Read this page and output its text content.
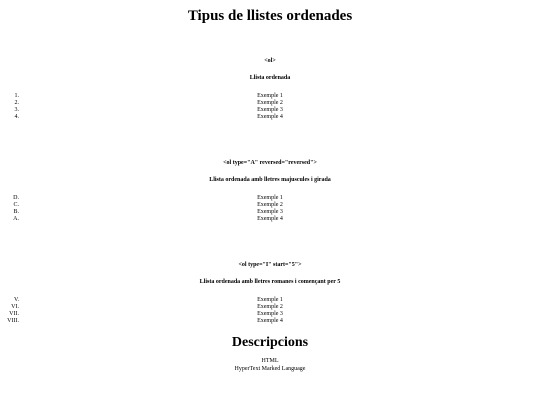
Tipus de llistes ordenades
<ol>
Llista ordenada
1.	Exemple 1
2.	Exemple 2
3.	Exemple 3
4.	Exemple 4
<ol type="A" reversed="reversed">
Llista ordenada amb lletres majuscules i girada
D.	Exemple 1
C.	Exemple 2
B.	Exemple 3
A.	Exemple 4
<ol type="I" start="5">
Llista ordenada amb lletres romanes i començant per 5
V.	Exemple 1
VI.	Exemple 2
VII.	Exemple 3
VIII.	Exemple 4
Descripcions
HTML
HyperText Marked Language
